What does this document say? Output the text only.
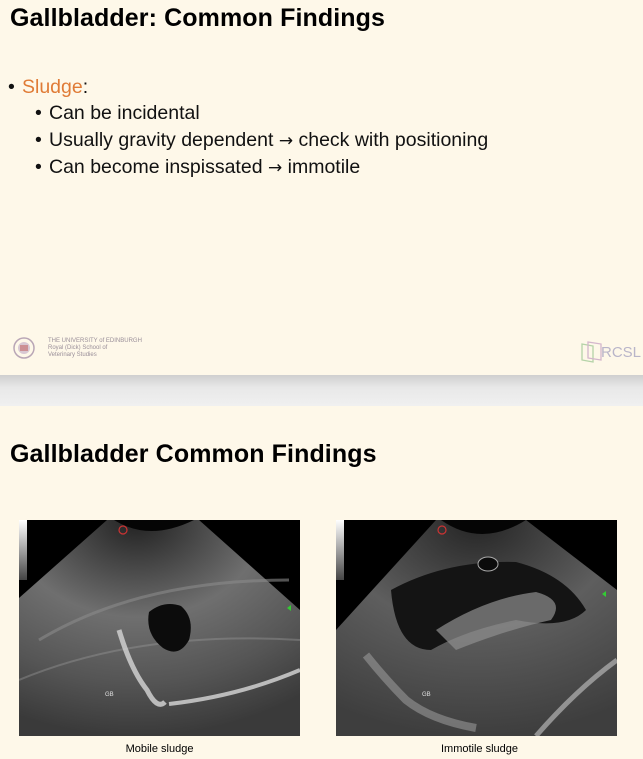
Gallbladder: Common Findings
• Sludge :
• Can be incidental
• Usually gravity dependent → check with positioning
• Can become inspissated → immotile
THE UNIVERSITY of EDINBURGH
Royal (Dick) School of
Veterinary Studies	RCSL
Gallbladder Common Findings
GB	GB
Mobile sludge	Immotile sludge
